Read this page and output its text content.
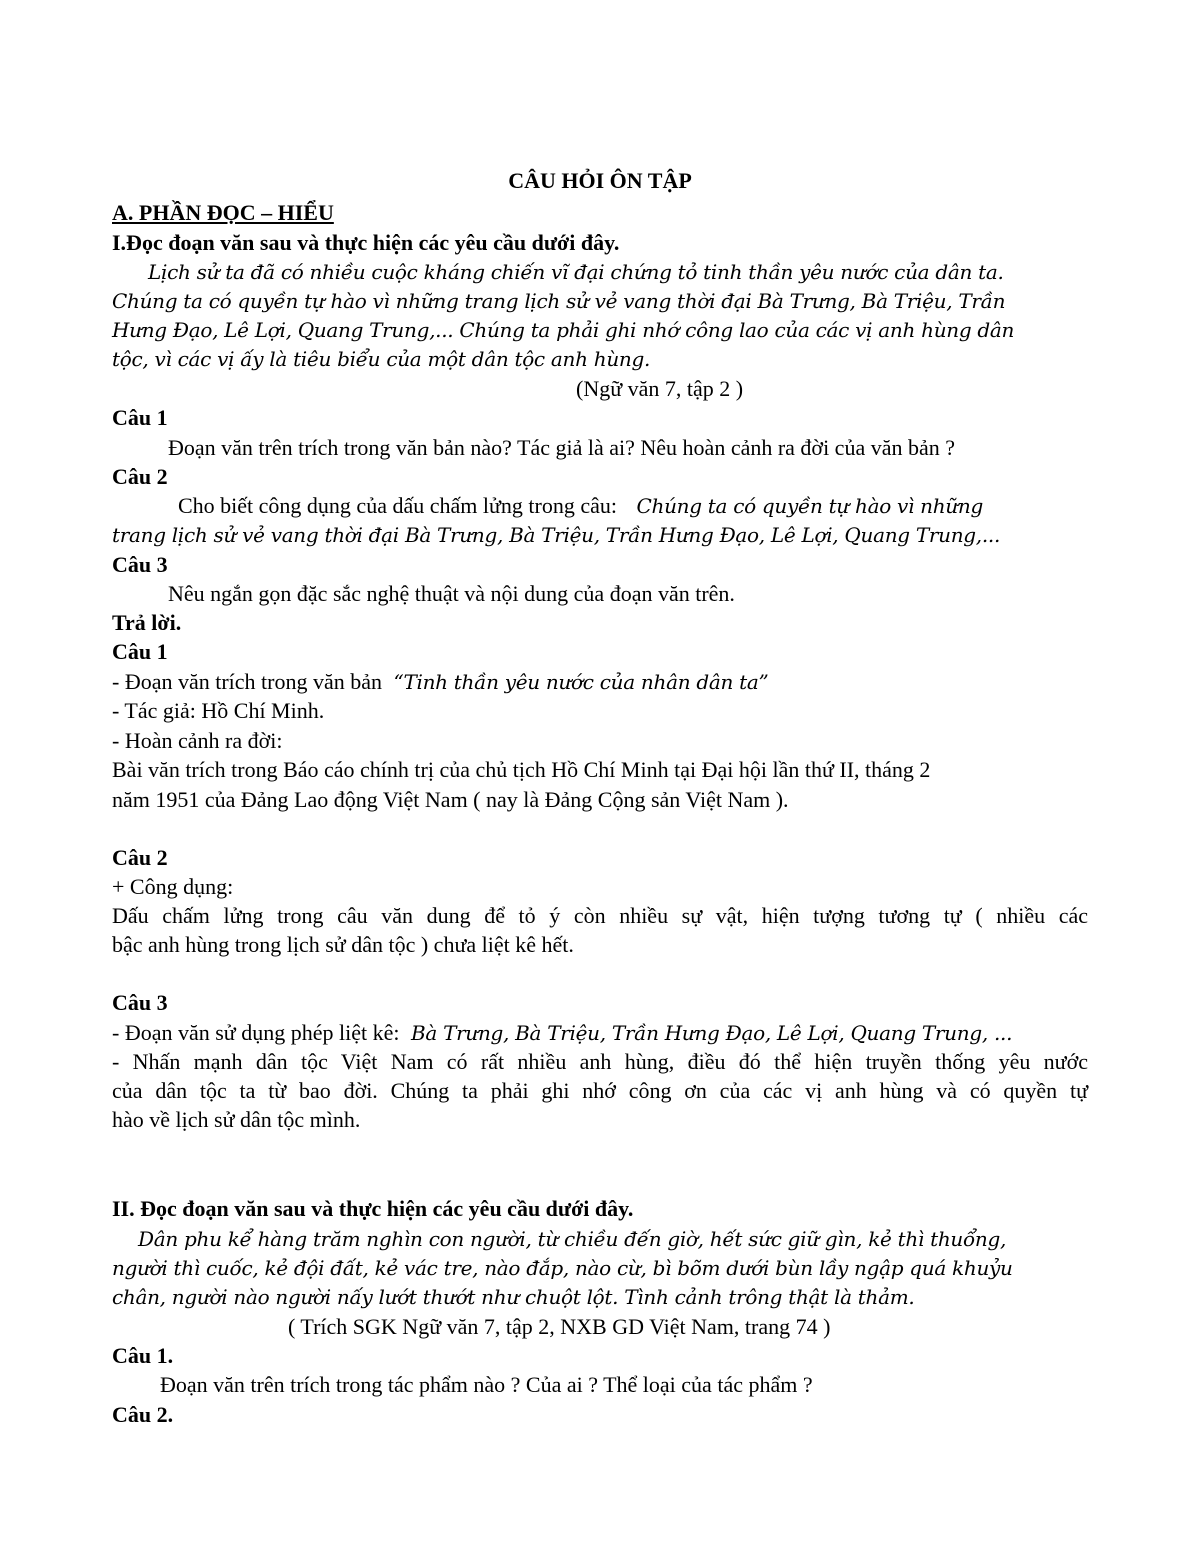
CÂU HỎI ÔN TẬP
A. PHẦN ĐỌC – HIỂU
I.Đọc đoạn văn sau và thực hiện các yêu cầu dưới đây.
Lịch sử ta đã có nhiều cuộc kháng chiến vĩ đại chứng tỏ tinh thần yêu nước của dân ta.
Chúng ta có quyền tự hào vì những trang lịch sử vẻ vang thời đại Bà Trưng, Bà Triệu, Trần
Hưng Đạo, Lê Lợi, Quang Trung,... Chúng ta phải ghi nhớ công lao của các vị anh hùng dân
tộc, vì các vị ấy là tiêu biểu của một dân tộc anh hùng.
(Ngữ văn 7, tập 2 )
Câu 1
Đoạn văn trên trích trong văn bản nào? Tác giả là ai? Nêu hoàn cảnh ra đời của văn bản ?
Câu 2
Cho biết công dụng của dấu chấm lửng trong câu: Chúng ta có quyền tự hào vì những
trang lịch sử vẻ vang thời đại Bà Trưng, Bà Triệu, Trần Hưng Đạo, Lê Lợi, Quang Trung,...
Câu 3
Nêu ngắn gọn đặc sắc nghệ thuật và nội dung của đoạn văn trên.
Trả lời.
Câu 1
- Đoạn văn trích trong văn bản “Tinh thần yêu nước của nhân dân ta”
- Tác giả: Hồ Chí Minh.
- Hoàn cảnh ra đời:
Bài văn trích trong Báo cáo chính trị của chủ tịch Hồ Chí Minh tại Đại hội lần thứ II, tháng 2
năm 1951 của Đảng Lao động Việt Nam ( nay là Đảng Cộng sản Việt Nam ).
Câu 2
+ Công dụng:
Dấu chấm lửng trong câu văn dung để tỏ ý còn nhiều sự vật, hiện tượng tương tự ( nhiều các
bậc anh hùng trong lịch sử dân tộc ) chưa liệt kê hết.
Câu 3
- Đoạn văn sử dụng phép liệt kê: Bà Trưng, Bà Triệu, Trần Hưng Đạo, Lê Lợi, Quang Trung, ...
- Nhấn mạnh dân tộc Việt Nam có rất nhiều anh hùng, điều đó thể hiện truyền thống yêu nước
của dân tộc ta từ bao đời. Chúng ta phải ghi nhớ công ơn của các vị anh hùng và có quyền tự
hào về lịch sử dân tộc mình.
II. Đọc đoạn văn sau và thực hiện các yêu cầu dưới đây.
Dân phu kể hàng trăm nghìn con người, từ chiều đến giờ, hết sức giữ gìn, kẻ thì thuổng,
người thì cuốc, kẻ đội đất, kẻ vác tre, nào đắp, nào cừ, bì bõm dưới bùn lầy ngập quá khuỷu
chân, người nào người nấy lướt thướt như chuột lột. Tình cảnh trông thật là thảm.
( Trích SGK Ngữ văn 7, tập 2, NXB GD Việt Nam, trang 74 )
Câu 1.
Đoạn văn trên trích trong tác phẩm nào ? Của ai ? Thể loại của tác phẩm ?
Câu 2.
